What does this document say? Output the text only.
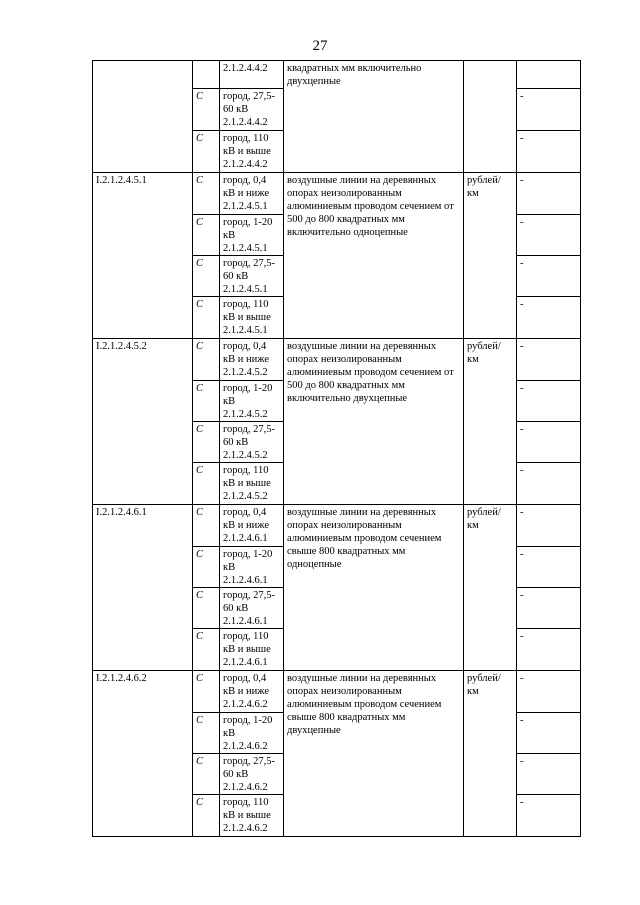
27
		2.1.2.4.4.2	квадратных мм включительно двухцепные		
	С	город, 27,5-60 кВ 2.1.2.4.4.2			-
	С	город, 110 кВ и выше 2.1.2.4.4.2			-
I.2.1.2.4.5.1	С	город, 0,4 кВ и ниже 2.1.2.4.5.1	воздушные линии на деревянных опорах неизолированным алюминиевым проводом сечением от 500 до 800 квадратных мм включительно одноцепные	рублей/ км	-
	С	город, 1-20 кВ 2.1.2.4.5.1			-
	С	город, 27,5-60 кВ 2.1.2.4.5.1			-
	С	город, 110 кВ и выше 2.1.2.4.5.1			-
I.2.1.2.4.5.2	С	город, 0,4 кВ и ниже 2.1.2.4.5.2	воздушные линии на деревянных опорах неизолированным алюминиевым проводом сечением от 500 до 800 квадратных мм включительно двухцепные	рублей/ км	-
	С	город, 1-20 кВ 2.1.2.4.5.2			-
	С	город, 27,5-60 кВ 2.1.2.4.5.2			-
	С	город, 110 кВ и выше 2.1.2.4.5.2			-
I.2.1.2.4.6.1	С	город, 0,4 кВ и ниже 2.1.2.4.6.1	воздушные линии на деревянных опорах неизолированным алюминиевым проводом сечением свыше 800 квадратных мм одноцепные	рублей/ км	-
	С	город, 1-20 кВ 2.1.2.4.6.1			-
	С	город, 27,5-60 кВ 2.1.2.4.6.1			-
	С	город, 110 кВ и выше 2.1.2.4.6.1			-
I.2.1.2.4.6.2	С	город, 0,4 кВ и ниже 2.1.2.4.6.2	воздушные линии на деревянных опорах неизолированным алюминиевым проводом сечением свыше 800 квадратных мм двухцепные	рублей/ км	-
	С	город, 1-20 кВ 2.1.2.4.6.2			-
	С	город, 27,5-60 кВ 2.1.2.4.6.2			-
	С	город, 110 кВ и выше 2.1.2.4.6.2			-
